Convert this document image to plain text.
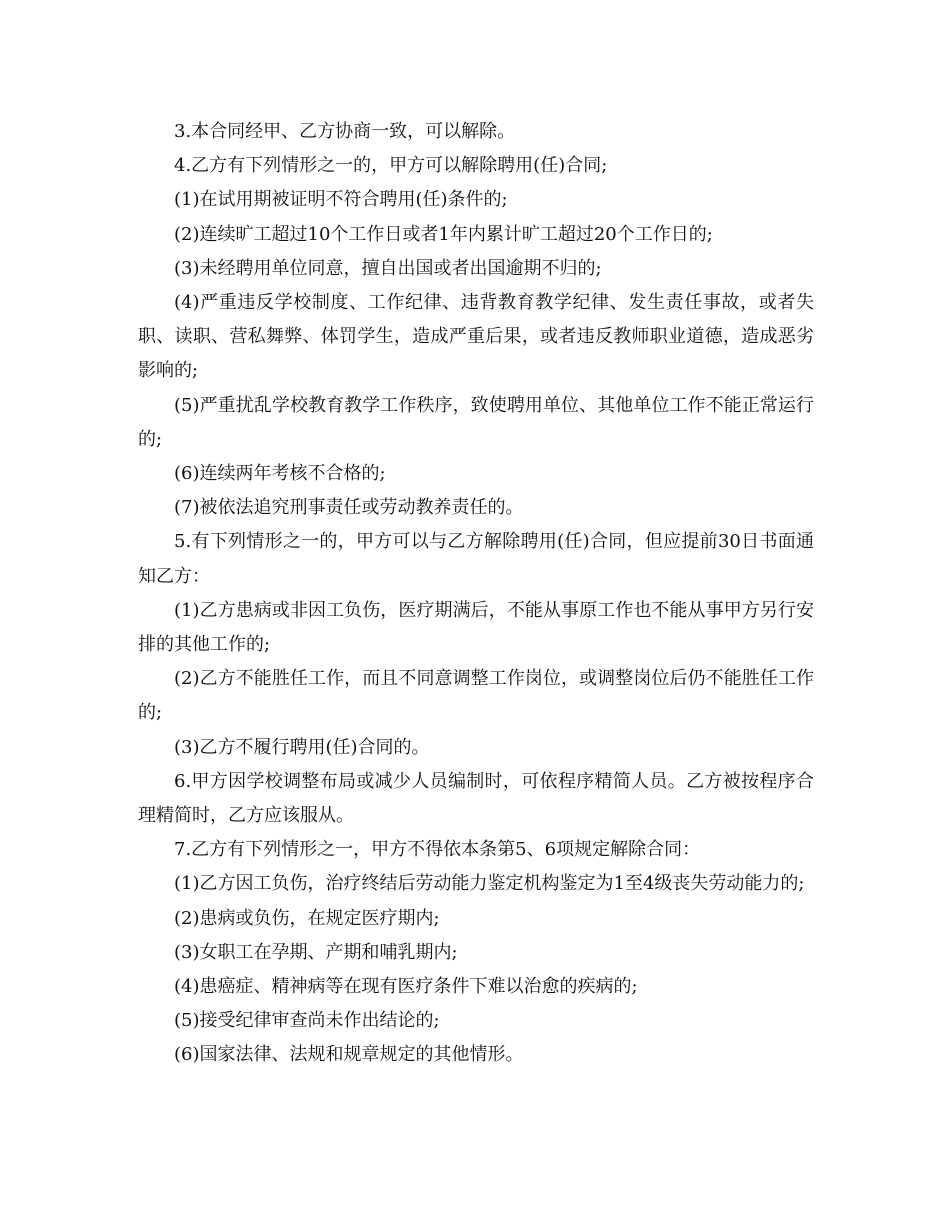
3.本合同经甲、乙方协商一致，可以解除。

4.乙方有下列情形之一的，甲方可以解除聘用(任)合同;

(1)在试用期被证明不符合聘用(任)条件的;

(2)连续旷工超过10个工作日或者1年内累计旷工超过20个工作日的;

(3)未经聘用单位同意，擅自出国或者出国逾期不归的;

(4)严重违反学校制度、工作纪律、违背教育教学纪律、发生责任事故，或者失职、读职、营私舞弊、体罚学生，造成严重后果，或者违反教师职业道德，造成恶劣影响的;

(5)严重扰乱学校教育教学工作秩序，致使聘用单位、其他单位工作不能正常运行的;

(6)连续两年考核不合格的;

(7)被依法追究刑事责任或劳动教养责任的。

5.有下列情形之一的，甲方可以与乙方解除聘用(任)合同，但应提前30日书面通知乙方：

(1)乙方患病或非因工负伤，医疗期满后，不能从事原工作也不能从事甲方另行安排的其他工作的;

(2)乙方不能胜任工作，而且不同意调整工作岗位，或调整岗位后仍不能胜任工作的;

(3)乙方不履行聘用(任)合同的。

6.甲方因学校调整布局或减少人员编制时，可依程序精简人员。乙方被按程序合理精简时，乙方应该服从。

7.乙方有下列情形之一，甲方不得依本条第5、6项规定解除合同：

(1)乙方因工负伤，治疗终结后劳动能力鉴定机构鉴定为1至4级丧失劳动能力的;

(2)患病或负伤，在规定医疗期内;

(3)女职工在孕期、产期和哺乳期内;

(4)患癌症、精神病等在现有医疗条件下难以治愈的疾病的;

(5)接受纪律审查尚未作出结论的;

(6)国家法律、法规和规章规定的其他情形。
